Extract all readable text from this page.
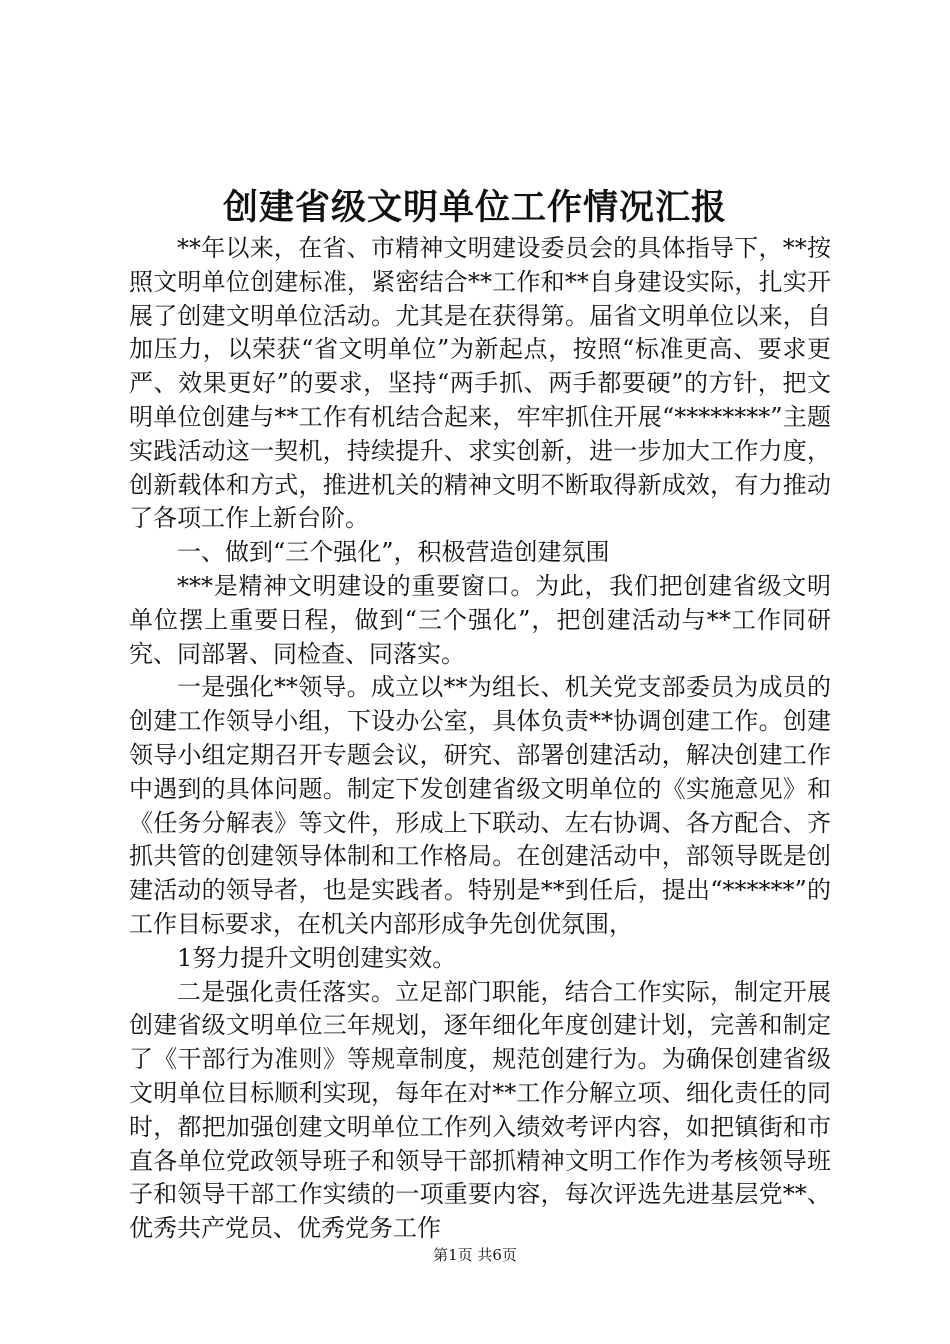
创建省级文明单位工作情况汇报

**年以来，在省、市精神文明建设委员会的具体指导下，**按照文明单位创建标准，紧密结合**工作和**自身建设实际，扎实开展了创建文明单位活动。尤其是在获得第。届省文明单位以来，自加压力，以荣获“省文明单位”为新起点，按照“标准更高、要求更严、效果更好”的要求，坚持“两手抓、两手都要硬”的方针，把文明单位创建与**工作有机结合起来，牢牢抓住开展“********”主题实践活动这一契机，持续提升、求实创新，进一步加大工作力度，创新载体和方式，推进机关的精神文明不断取得新成效，有力推动了各项工作上新台阶。

一、做到“三个强化”，积极营造创建氛围

***是精神文明建设的重要窗口。为此，我们把创建省级文明单位摆上重要日程，做到“三个强化”，把创建活动与**工作同研究、同部署、同检查、同落实。

一是强化**领导。成立以**为组长、机关党支部委员为成员的创建工作领导小组，下设办公室，具体负责**协调创建工作。创建领导小组定期召开专题会议，研究、部署创建活动，解决创建工作中遇到的具体问题。制定下发创建省级文明单位的《实施意见》和《任务分解表》等文件，形成上下联动、左右协调、各方配合、齐抓共管的创建领导体制和工作格局。在创建活动中，部领导既是创建活动的领导者，也是实践者。特别是**到任后，提出“******”的工作目标要求，在机关内部形成争先创优氛围，

1努力提升文明创建实效。

二是强化责任落实。立足部门职能，结合工作实际，制定开展创建省级文明单位三年规划，逐年细化年度创建计划，完善和制定了《干部行为准则》等规章制度，规范创建行为。为确保创建省级文明单位目标顺利实现，每年在对**工作分解立项、细化责任的同时，都把加强创建文明单位工作列入绩效考评内容，如把镇街和市直各单位党政领导班子和领导干部抓精神文明工作作为考核领导班子和领导干部工作实绩的一项重要内容，每次评选先进基层党**、优秀共产党员、优秀党务工作

第1页 共6页
